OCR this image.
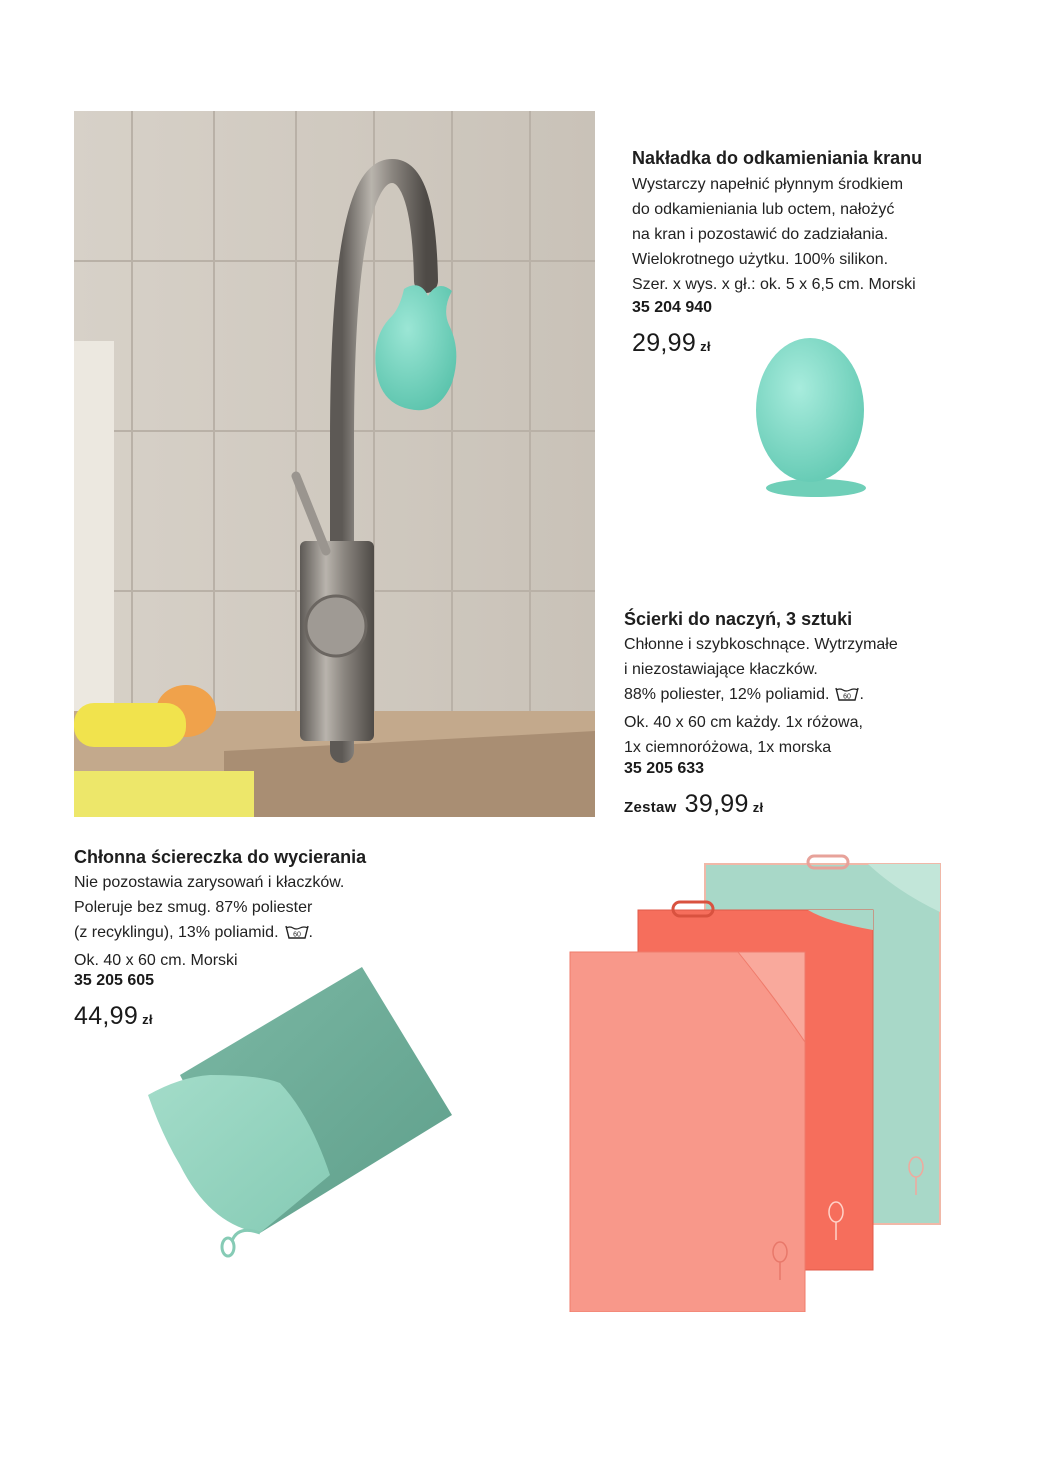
Nakładka do odkamieniania kranu
Wystarczy napełnić płynnym środkiem
do odkamieniania lub octem, nałożyć
na kran i pozostawić do zadziałania.
Wielokrotnego użytku. 100% silikon.
Szer. x wys. x gł.: ok. 5 x 6,5 cm. Morski
35 204 940
29,99 zł
Ścierki do naczyń, 3 sztuki
Chłonne i szybkoschnące. Wytrzymałe
i niezostawiające kłaczków.
88% poliester, 12% poliamid. 60 .
Ok. 40 x 60 cm każdy. 1x różowa,
1x ciemnoróżowa, 1x morska
35 205 633
Zestaw 39,99 zł
Chłonna ściereczka do wycierania
Nie pozostawia zarysowań i kłaczków.
Poleruje bez smug. 87% poliester
(z recyklingu), 13% poliamid. 60 .
Ok. 40 x 60 cm. Morski
35 205 605
44,99 zł
